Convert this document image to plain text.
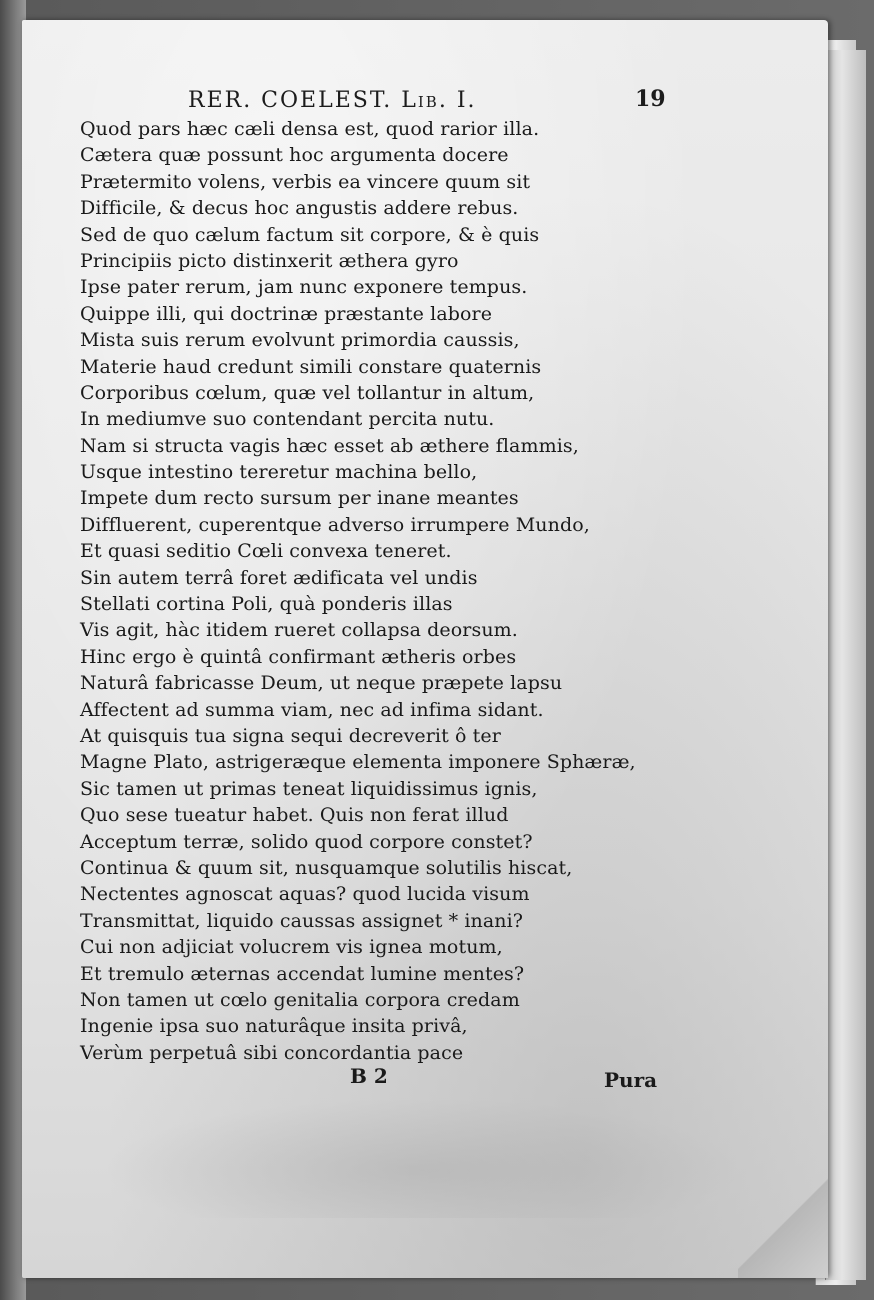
RER. COELEST. Lib. I.	19
Quod pars hæc cæli densa est, quod rarior illa.
Cætera quæ possunt hoc argumenta docere
Prætermito volens, verbis ea vincere quum sit
Difficile, & decus hoc angustis addere rebus.
Sed de quo cælum factum sit corpore, & è quis
Principiis picto distinxerit æthera gyro
Ipse pater rerum, jam nunc exponere tempus.
Quippe illi, qui doctrinæ præstante labore
Mista suis rerum evolvunt primordia caussis,
Materie haud credunt simili constare quaternis
Corporibus cœlum, quæ vel tollantur in altum,
In mediumve suo contendant percita nutu.
Nam si structa vagis hæc esset ab æthere flammis,
Usque intestino tereretur machina bello,
Impete dum recto sursum per inane meantes
Diffluerent, cuperentque adverso irrumpere Mundo,
Et quasi seditio Cœli convexa teneret.
Sin autem terrâ foret ædificata vel undis
Stellati cortina Poli, quà ponderis illas
Vis agit, hàc itidem rueret collapsa deorsum.
Hinc ergo è quintâ confirmant ætheris orbes
Naturâ fabricasse Deum, ut neque præpete lapsu
Affectent ad summa viam, nec ad infima sidant.
At quisquis tua signa sequi decreverit ô ter
Magne Plato, astrigeræque elementa imponere Sphæræ,
Sic tamen ut primas teneat liquidissimus ignis,
Quo sese tueatur habet. Quis non ferat illud
Acceptum terræ, solido quod corpore constet?
Continua & quum sit, nusquamque solutilis hiscat,
Nectentes agnoscat aquas? quod lucida visum
Transmittat, liquido caussas assignet * inani?
Cui non adjiciat volucrem vis ignea motum,
Et tremulo æternas accendat lumine mentes?
Non tamen ut cœlo genitalia corpora credam
Ingenie ipsa suo naturâque insita privâ,
Verùm perpetuâ sibi concordantia pace
B 2	Pura
